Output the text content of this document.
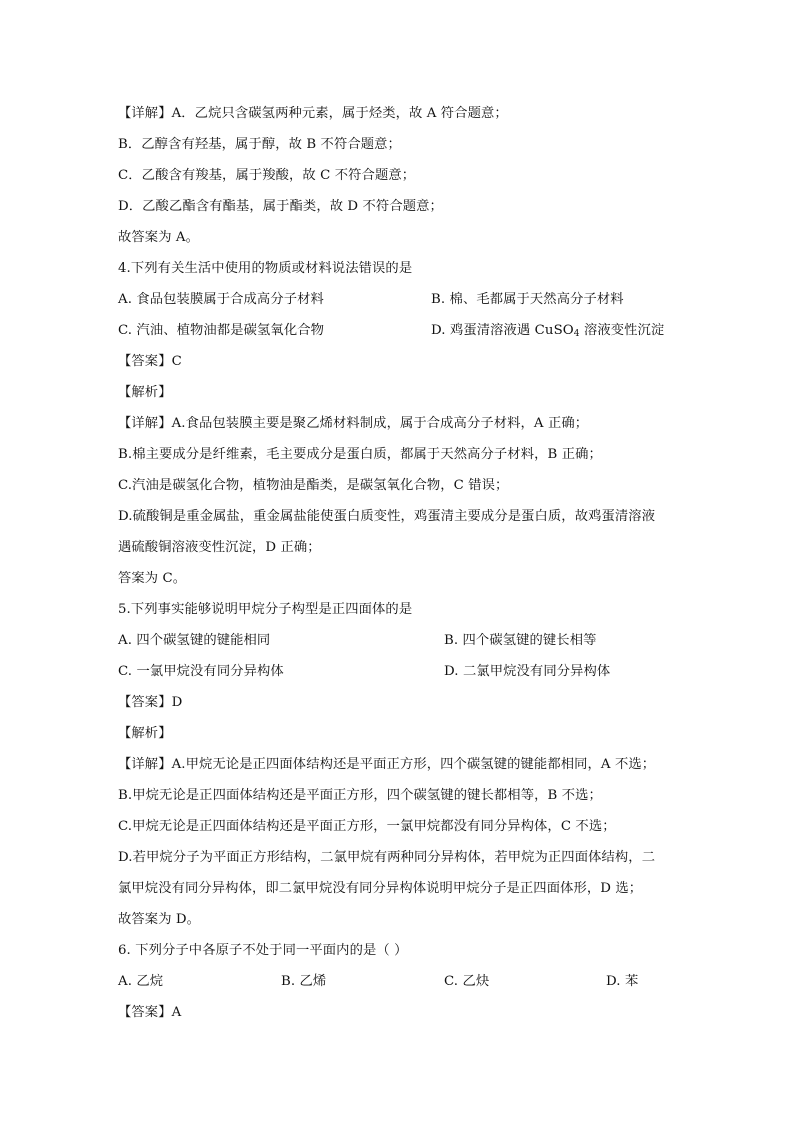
【详解】A．乙烷只含碳氢两种元素，属于烃类，故 A 符合题意；
B．乙醇含有羟基，属于醇，故 B 不符合题意；
C．乙酸含有羧基，属于羧酸，故 C 不符合题意；
D．乙酸乙酯含有酯基，属于酯类，故 D 不符合题意；
故答案为 A。
4.下列有关生活中使用的物质或材料说法错误的是
A. 食品包装膜属于合成高分子材料	B. 棉、毛都属于天然高分子材料
C. 汽油、植物油都是碳氢氧化合物	D. 鸡蛋清溶液遇 CuSO$_4$ 溶液变性沉淀
【答案】C
【解析】
【详解】A.食品包装膜主要是聚乙烯材料制成，属于合成高分子材料，A 正确；
B.棉主要成分是纤维素，毛主要成分是蛋白质，都属于天然高分子材料，B 正确；
C.汽油是碳氢化合物，植物油是酯类，是碳氢氧化合物，C 错误；
D.硫酸铜是重金属盐，重金属盐能使蛋白质变性，鸡蛋清主要成分是蛋白质，故鸡蛋清溶液
遇硫酸铜溶液变性沉淀，D 正确；
答案为 C。
5.下列事实能够说明甲烷分子构型是正四面体的是
A. 四个碳氢键的键能相同	B. 四个碳氢键的键长相等
C. 一氯甲烷没有同分异构体	D. 二氯甲烷没有同分异构体
【答案】D
【解析】
【详解】A.甲烷无论是正四面体结构还是平面正方形，四个碳氢键的键能都相同，A 不选；
B.甲烷无论是正四面体结构还是平面正方形，四个碳氢键的键长都相等，B 不选；
C.甲烷无论是正四面体结构还是平面正方形，一氯甲烷都没有同分异构体，C 不选；
D.若甲烷分子为平面正方形结构，二氯甲烷有两种同分异构体，若甲烷为正四面体结构，二
氯甲烷没有同分异构体，即二氯甲烷没有同分异构体说明甲烷分子是正四面体形，D 选；
故答案为 D。
6. 下列分子中各原子不处于同一平面内的是（ ）
A. 乙烷	B. 乙烯	C. 乙炔	D. 苯
【答案】A
